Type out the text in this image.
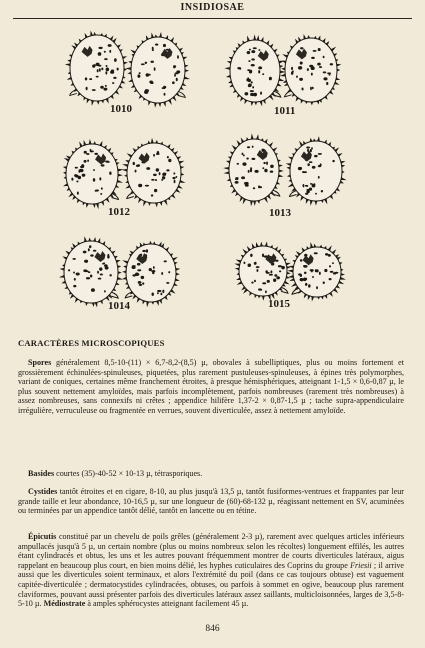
INSIDIOSAE
1010	1011
1012	1013
1014	1015
CARACTÈRES MICROSCOPIQUES
Spores généralement 8,5-10-(11) × 6,7-8,2-(8,5) µ, obovales à subelliptiques, plus ou moins fortement et grossièrement échinulées-spinuleuses, piquetées, plus rarement pustuleuses-spinuleuses, à épines très polymorphes, variant de coniques, certaines même franchement étroites, à presque hémisphériques, atteignant 1-1,5 × 0,6-0,87 µ, le plus souvent nettement amyloïdes, mais parfois incomplètement, parfois nombreuses (rarement très nombreuses) à assez nombreuses, sans connexifs ni crêtes ; appendice hilifère 1,37-2 × 0,87-1,5 µ ; tache supra-appendiculaire irrégulière, verruculeuse ou fragmentée en verrues, souvent diverticulée, assez à nettement amyloïde.
Basides courtes (35)-40-52 × 10-13 µ, tétrasporiques.
Cystides tantôt étroites et en cigare, 8-10, au plus jusqu'à 13,5 µ, tantôt fusiformes-ventrues et frappantes par leur grande taille et leur abondance, 10-16,5 µ, sur une longueur de (60)-68-132 µ, réagissant nettement en SV, acuminées ou terminées par un appendice tantôt délié, tantôt en lancette ou en tétine.
Épicutis constitué par un chevelu de poils grêles (généralement 2-3 µ), rarement avec quelques articles inférieurs ampullacés jusqu'à 5 µ, un certain nombre (plus ou moins nombreux selon les récoltes) longuement effilés, les autres étant cylindracés et obtus, les uns et les autres pouvant fréquemment montrer de courts diverticules latéraux, aigus rappelant en beaucoup plus court, en bien moins délié, les hyphes cuticulaires des Coprins du groupe Friesii ; il arrive aussi que les diverticules soient terminaux, et alors l'extrémité du poil (dans ce cas toujours obtuse) est vaguement capitée-diverticulée ; dermatocystides cylindracées, obtuses, ou parfois à sommet en ogive, beaucoup plus rarement claviformes, pouvant aussi présenter parfois des diverticules latéraux assez saillants, multicloisonnées, larges de 3,5-8-5-10 µ. Médiostrate à amples sphérocystes atteignant facilement 45 µ.
846
